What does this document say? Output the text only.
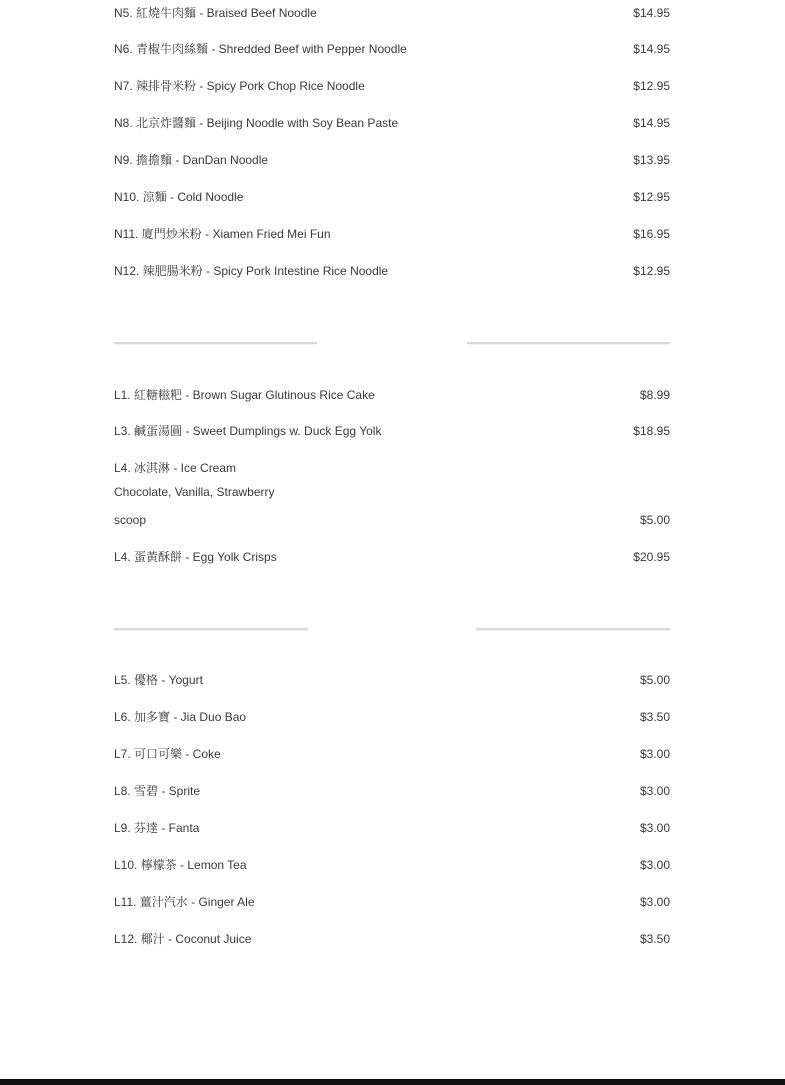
N5. 紅燒牛肉麵 - Braised Beef Noodle	$14.95
N6. 青椒牛肉絲麵 - Shredded Beef with Pepper Noodle	$14.95
N7. 辣排骨米粉 - Spicy Pork Chop Rice Noodle	$12.95
N8. 北京炸醬麵 - Beijing Noodle with Soy Bean Paste	$14.95
N9. 擔擔麵 - DanDan Noodle	$13.95
N10. 涼麵 - Cold Noodle	$12.95
N11. 廈門炒米粉 - Xiamen Fried Mei Fun	$16.95
N12. 辣肥腸米粉 - Spicy Pork Intestine Rice Noodle	$12.95
L1. 紅糖糍粑 - Brown Sugar Glutinous Rice Cake	$8.99
L3. 鹹蛋湯圓 - Sweet Dumplings w. Duck Egg Yolk	$18.95
L4. 冰淇淋 - Ice Cream
Chocolate, Vanilla, Strawberry
scoop	$5.00
L4. 蛋黃酥餅 - Egg Yolk Crisps	$20.95
L5. 優格 - Yogurt	$5.00
L6. 加多寶 - Jia Duo Bao	$3.50
L7. 可口可樂 - Coke	$3.00
L8. 雪碧 - Sprite	$3.00
L9. 芬達 - Fanta	$3.00
L10. 檸檬茶 - Lemon Tea	$3.00
L11. 薑汁汽水 - Ginger Ale	$3.00
L12. 椰汁 - Coconut Juice	$3.50
